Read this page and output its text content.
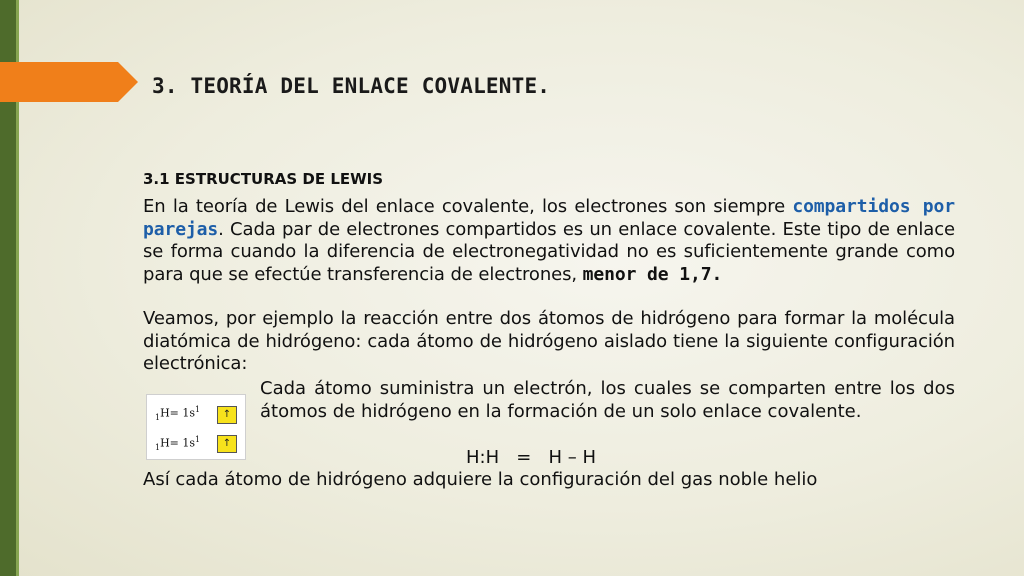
3. TEORÍA DEL ENLACE COVALENTE.
3.1 ESTRUCTURAS DE LEWIS
En la teoría de Lewis del enlace covalente, los electrones son siempre compartidos por parejas. Cada par de electrones compartidos es un enlace covalente. Este tipo de enlace se forma cuando la diferencia de electronegatividad no es suficientemente grande como para que se efectúe transferencia de electrones, menor de 1,7.
Veamos, por ejemplo la reacción entre dos átomos de hidrógeno para formar la molécula diatómica de hidrógeno: cada átomo de hidrógeno aislado tiene la siguiente configuración electrónica:
$_1H= 1s^1$	↑
$_1H= 1s^1$	↑
Cada átomo suministra un electrón, los cuales se comparten entre los dos átomos de hidrógeno en la formación de un solo enlace covalente.
H:H   =   H – H
Así cada átomo de hidrógeno adquiere la configuración del gas noble helio
